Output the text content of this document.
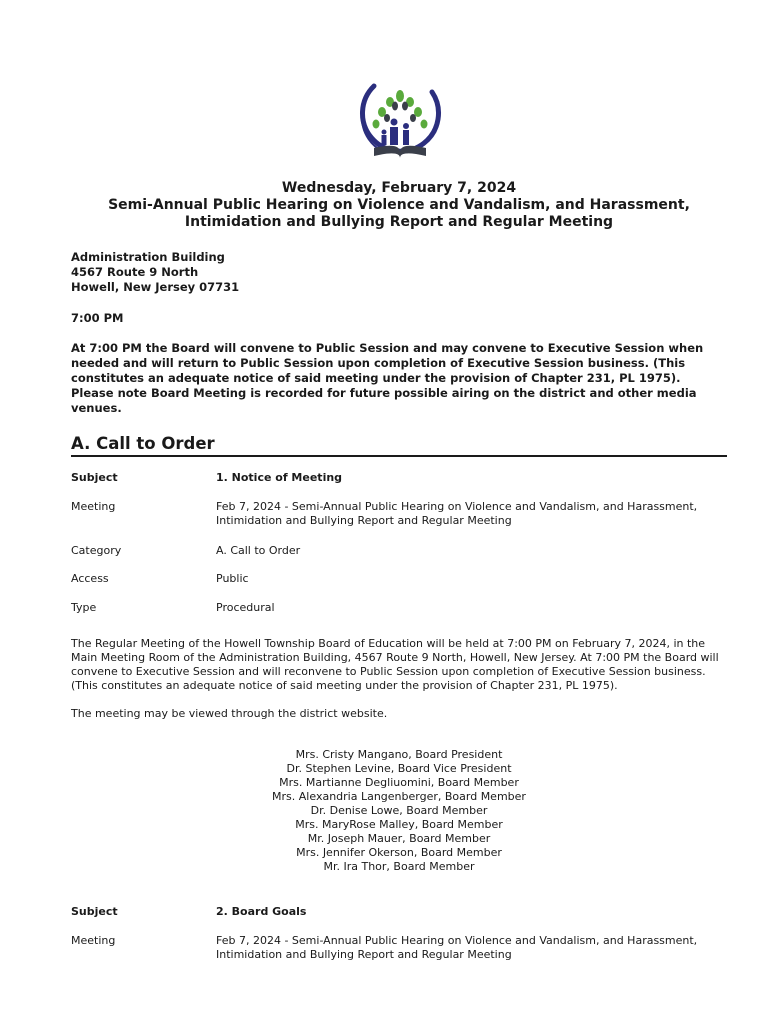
Wednesday, February 7, 2024
Semi-Annual Public Hearing on Violence and Vandalism, and Harassment,
Intimidation and Bullying Report and Regular Meeting
Administration Building
4567 Route 9 North
Howell, New Jersey 07731
7:00 PM
At 7:00 PM the Board will convene to Public Session and may convene to Executive Session when
needed and will return to Public Session upon completion of Executive Session business. (This
constitutes an adequate notice of said meeting under the provision of Chapter 231, PL 1975).
Please note Board Meeting is recorded for future possible airing on the district and other media
venues.
A. Call to Order
Subject	1. Notice of Meeting
Meeting	Feb 7, 2024 - Semi-Annual Public Hearing on Violence and Vandalism, and Harassment,
Intimidation and Bullying Report and Regular Meeting
Category	A. Call to Order
Access	Public
Type	Procedural
The Regular Meeting of the Howell Township Board of Education will be held at 7:00 PM on February 7, 2024, in the
Main Meeting Room of the Administration Building, 4567 Route 9 North, Howell, New Jersey. At 7:00 PM the Board will
convene to Executive Session and will reconvene to Public Session upon completion of Executive Session business.
(This constitutes an adequate notice of said meeting under the provision of Chapter 231, PL 1975).
The meeting may be viewed through the district website.
Mrs. Cristy Mangano, Board President
Dr. Stephen Levine, Board Vice President
Mrs. Martianne Degliuomini, Board Member
Mrs. Alexandria Langenberger, Board Member
Dr. Denise Lowe, Board Member
Mrs. MaryRose Malley, Board Member
Mr. Joseph Mauer, Board Member
Mrs. Jennifer Okerson, Board Member
Mr. Ira Thor, Board Member
Subject	2. Board Goals
Meeting	Feb 7, 2024 - Semi-Annual Public Hearing on Violence and Vandalism, and Harassment,
Intimidation and Bullying Report and Regular Meeting
